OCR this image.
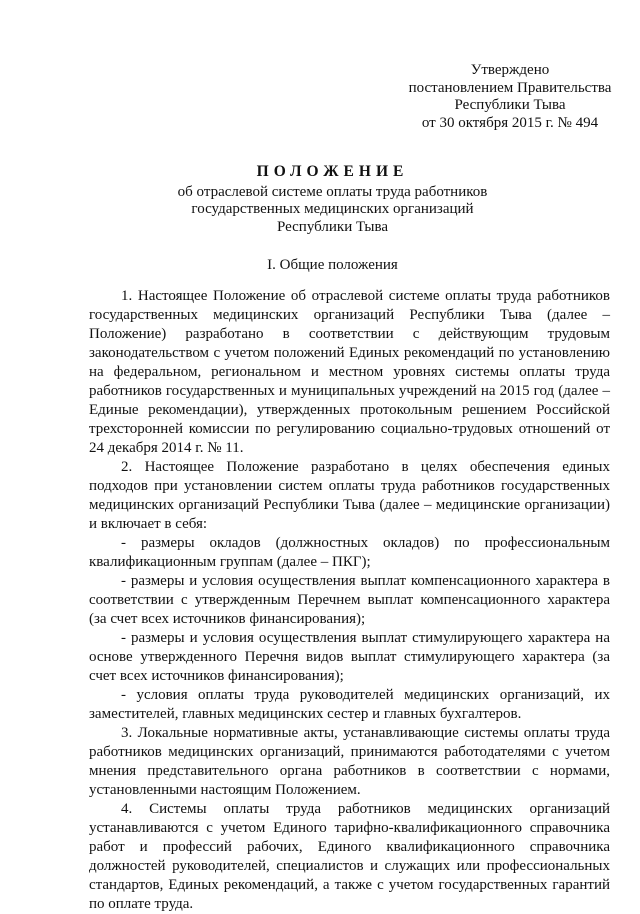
Утверждено
постановлением Правительства
Республики Тыва
от 30 октября 2015 г. № 494
ПОЛОЖЕНИЕ
об отраслевой системе оплаты труда работников
государственных медицинских организаций
Республики Тыва
I. Общие положения

1. Настоящее Положение об отраслевой системе оплаты труда работников государственных медицинских организаций Республики Тыва (далее – Положение) разработано в соответствии с действующим трудовым законодательством с учетом положений Единых рекомендаций по установлению на федеральном, региональном и местном уровнях системы оплаты труда работников государственных и муниципальных учреждений на 2015 год (далее – Единые рекомендации), утвержденных протокольным решением Российской трехсторонней комиссии по регулированию социально-трудовых отношений от 24 декабря 2014 г. № 11.

2. Настоящее Положение разработано в целях обеспечения единых подходов при установлении систем оплаты труда работников государственных медицинских организаций Республики Тыва (далее – медицинские организации) и включает в себя:

- размеры окладов (должностных окладов) по профессиональным квалификационным группам (далее – ПКГ);

- размеры и условия осуществления выплат компенсационного характера в соответствии с утвержденным Перечнем выплат компенсационного характера (за счет всех источников финансирования);

- размеры и условия осуществления выплат стимулирующего характера на основе утвержденного Перечня видов выплат стимулирующего характера (за счет всех источников финансирования);

- условия оплаты труда руководителей медицинских организаций, их заместителей, главных медицинских сестер и главных бухгалтеров.

3. Локальные нормативные акты, устанавливающие системы оплаты труда работников медицинских организаций, принимаются работодателями с учетом мнения представительного органа работников в соответствии с нормами, установленными настоящим Положением.

4. Системы оплаты труда работников медицинских организаций устанавливаются с учетом Единого тарифно-квалификационного справочника работ и профессий рабочих, Единого квалификационного справочника должностей руководителей, специалистов и служащих или профессиональных стандартов, Единых рекомендаций, а также с учетом государственных гарантий по оплате труда.
